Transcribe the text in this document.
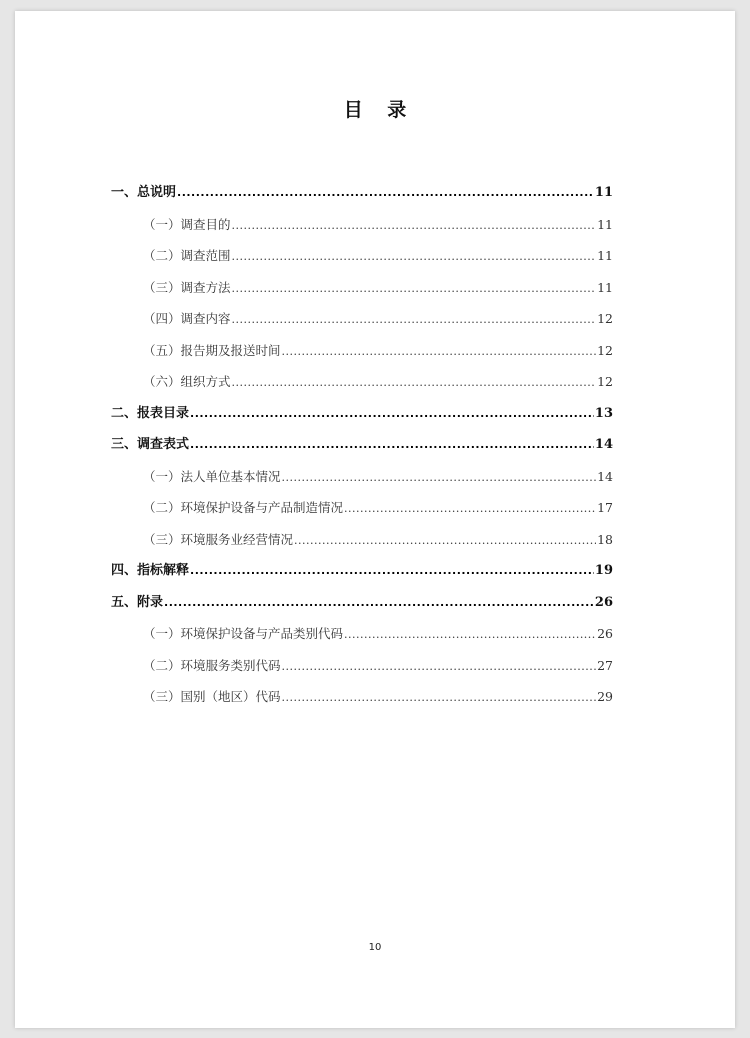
目 录
一、总说明 .....	11
（一）调查目的 .....	11
（二）调查范围 .....	11
（三）调查方法 .....	11
（四）调查内容 .....	12
（五）报告期及报送时间 .....	12
（六）组织方式 .....	12
二、报表目录 .....	13
三、调查表式 .....	14
（一）法人单位基本情况 .....	14
（二）环境保护设备与产品制造情况 .....	17
（三）环境服务业经营情况 .....	18
四、指标解释 .....	19
五、附录 .....	26
（一）环境保护设备与产品类别代码 .....	26
（二）环境服务类别代码 .....	27
（三）国别（地区）代码 .....	29
10
